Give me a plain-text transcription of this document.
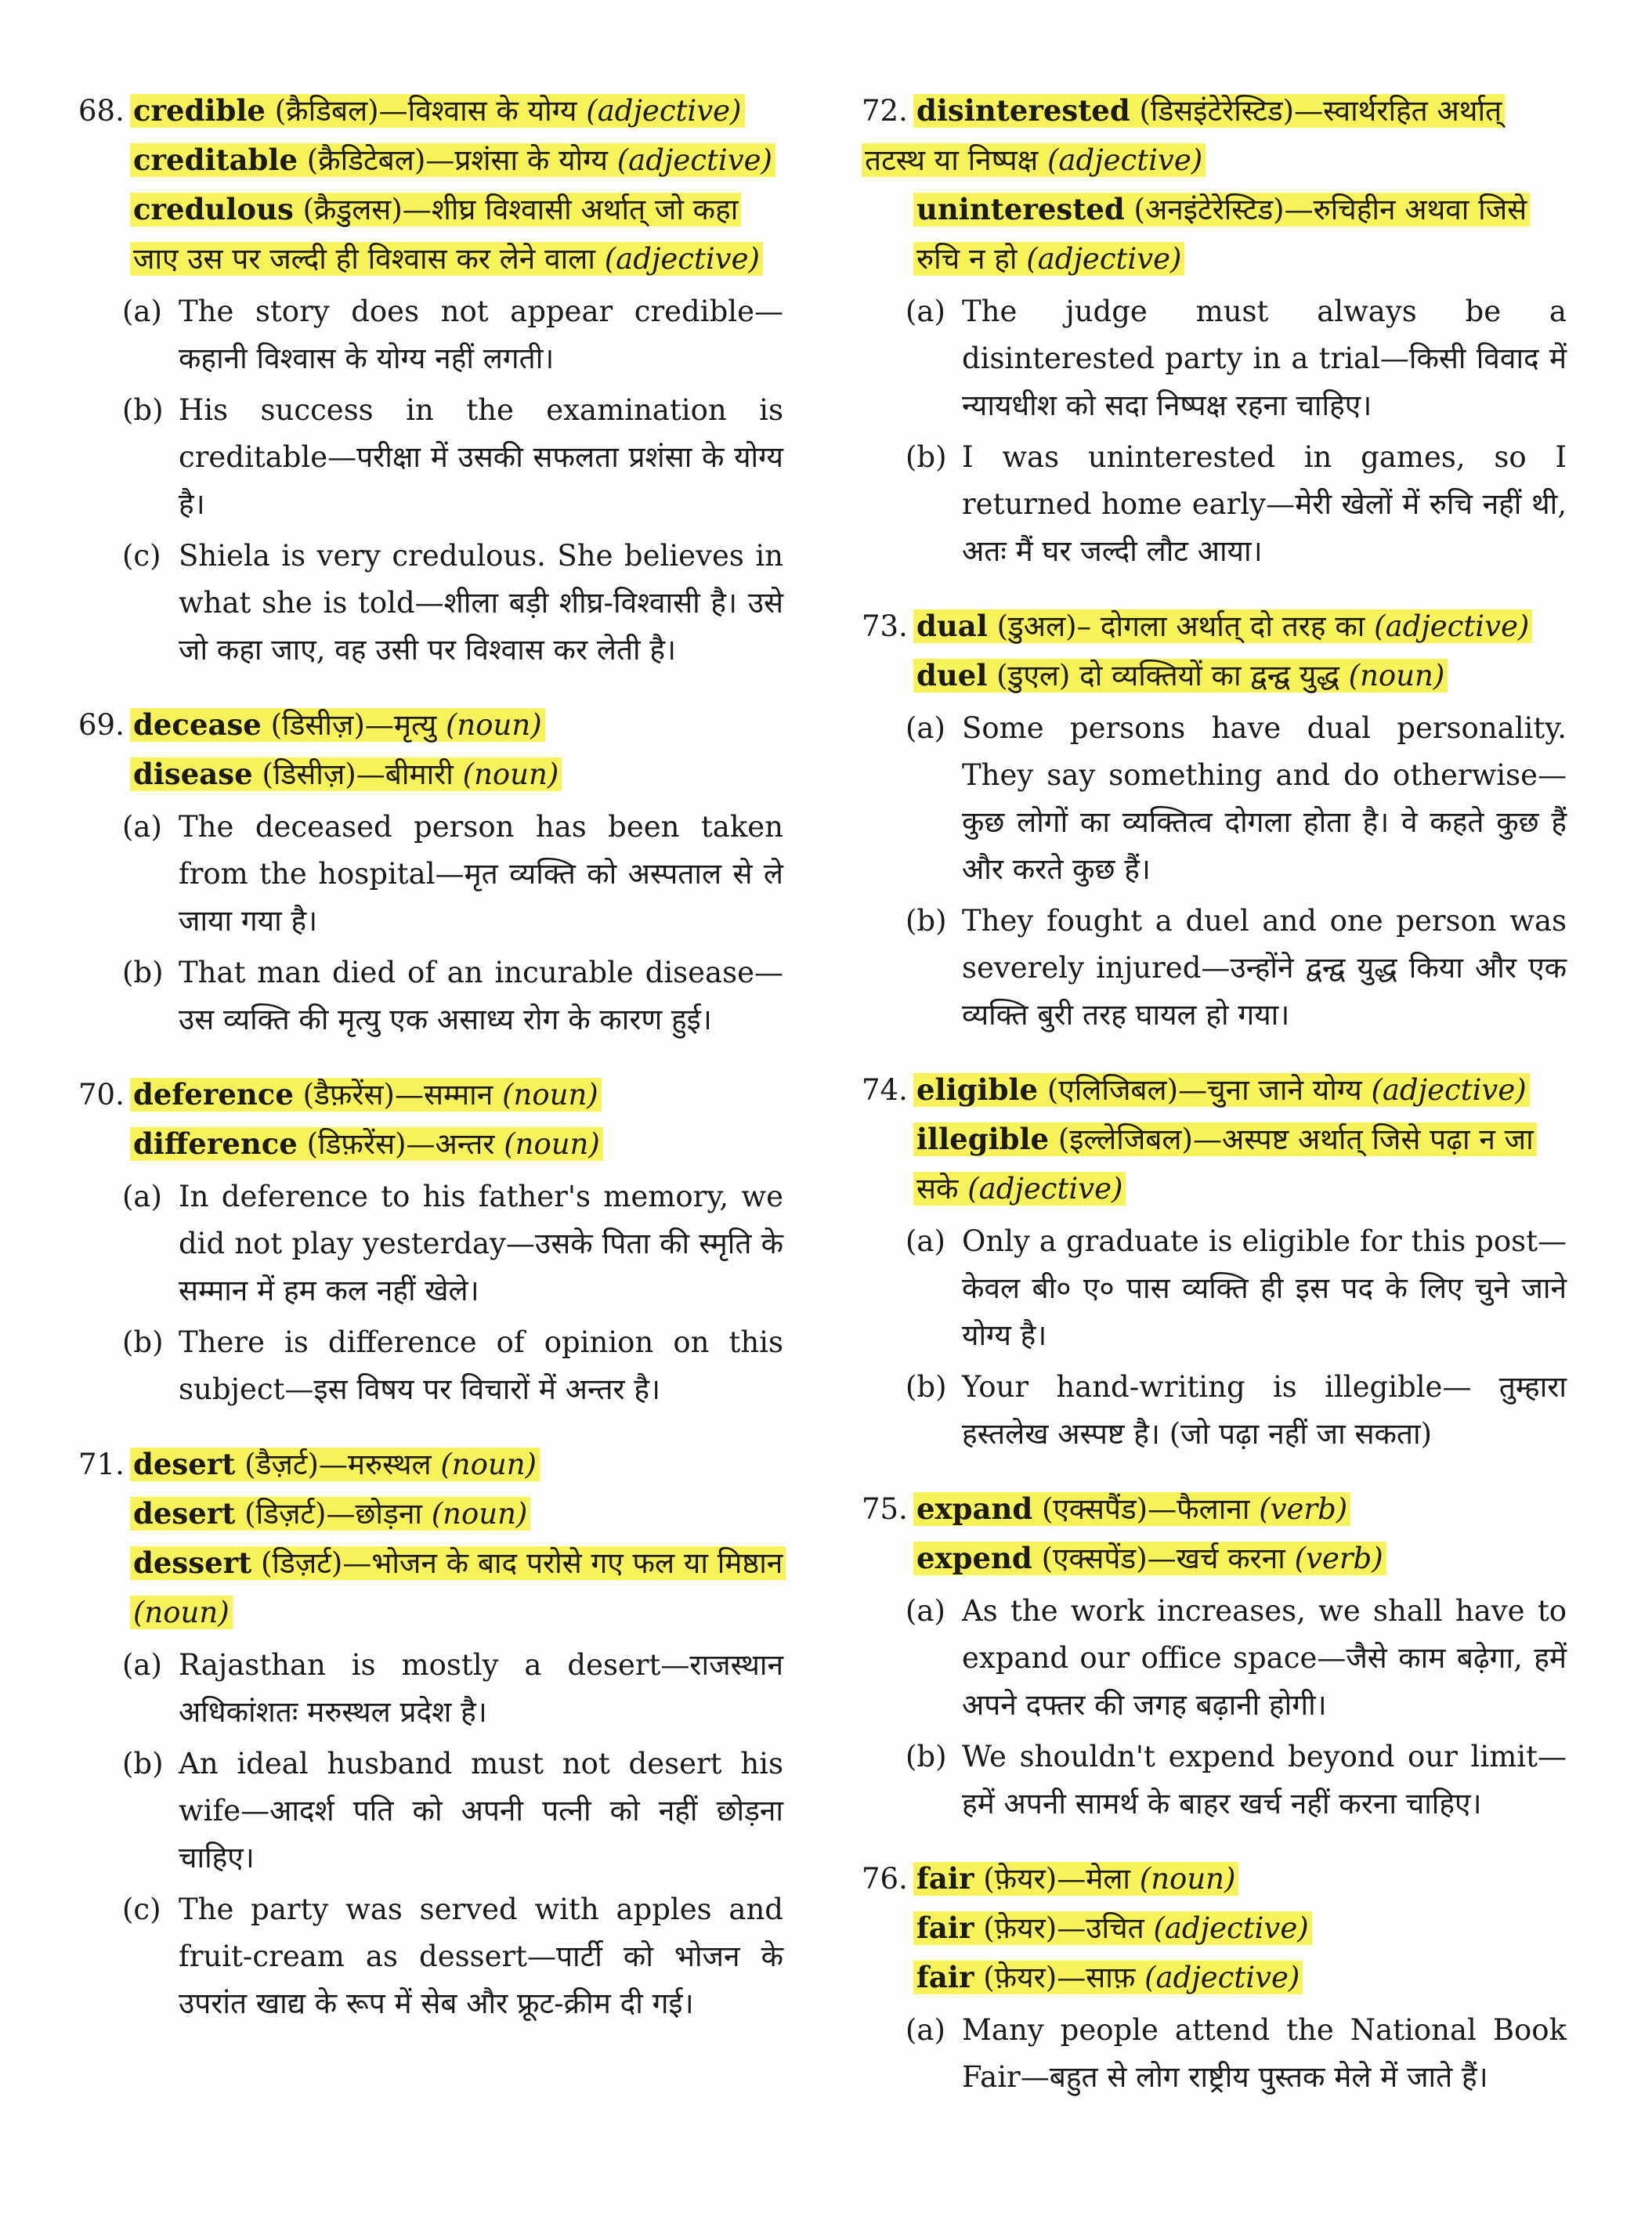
68. credible (क्रैडिबल)—विश्वास के योग्य (adjective)
creditable (क्रैडिटेबल)—प्रशंसा के योग्य (adjective)
credulous (क्रैडुलस)—शीघ्र विश्वासी अर्थात् जो कहा जाए उस पर जल्दी ही विश्वास कर लेने वाला (adjective)
(a) The story does not appear credible—कहानी विश्वास के योग्य नहीं लगती।
(b) His success in the examination is creditable—परीक्षा में उसकी सफलता प्रशंसा के योग्य है।
(c) Shiela is very credulous. She believes in what she is told—शीला बड़ी शीघ्र-विश्वासी है। उसे जो कहा जाए, वह उसी पर विश्वास कर लेती है।
69. decease (डिसीज़)—मृत्यु (noun)
disease (डिसीज़)—बीमारी (noun)
(a) The deceased person has been taken from the hospital—मृत व्यक्ति को अस्पताल से ले जाया गया है।
(b) That man died of an incurable disease—उस व्यक्ति की मृत्यु एक असाध्य रोग के कारण हुई।
70. deference (डैफ़रेंस)—सम्मान (noun)
difference (डिफ़रेंस)—अन्तर (noun)
(a) In deference to his father's memory, we did not play yesterday—उसके पिता की स्मृति के सम्मान में हम कल नहीं खेले।
(b) There is difference of opinion on this subject—इस विषय पर विचारों में अन्तर है।
71. desert (डैज़र्ट)—मरुस्थल (noun)
desert (डिज़र्ट)—छोड़ना (noun)
dessert (डिज़र्ट)—भोजन के बाद परोसे गए फल या मिष्ठान (noun)
(a) Rajasthan is mostly a desert—राजस्थान अधिकांशतः मरुस्थल प्रदेश है।
(b) An ideal husband must not desert his wife—आदर्श पति को अपनी पत्नी को नहीं छोड़ना चाहिए।
(c) The party was served with apples and fruit-cream as dessert—पार्टी को भोजन के उपरांत खाद्य के रूप में सेब और फ्रूट-क्रीम दी गई।
72. disinterested (डिसइंटेरेस्टिड)—स्वार्थरहित अर्थात् तटस्थ या निष्पक्ष (adjective)
uninterested (अनइंटेरेस्टिड)—रुचिहीन अथवा जिसे रुचि न हो (adjective)
(a) The judge must always be a disinterested party in a trial—किसी विवाद में न्यायधीश को सदा निष्पक्ष रहना चाहिए।
(b) I was uninterested in games, so I returned home early—मेरी खेलों में रुचि नहीं थी, अतः मैं घर जल्दी लौट आया।
73. dual (डुअल)– दोगला अर्थात् दो तरह का (adjective)
duel (डुएल) दो व्यक्तियों का द्वन्द्व युद्ध (noun)
(a) Some persons have dual personality. They say something and do otherwise—कुछ लोगों का व्यक्तित्व दोगला होता है। वे कहते कुछ हैं और करते कुछ हैं।
(b) They fought a duel and one person was severely injured—उन्होंने द्वन्द्व युद्ध किया और एक व्यक्ति बुरी तरह घायल हो गया।
74. eligible (एलिजिबल)—चुना जाने योग्य (adjective)
illegible (इल्लेजिबल)—अस्पष्ट अर्थात् जिसे पढ़ा न जा सके (adjective)
(a) Only a graduate is eligible for this post—केवल बी० ए० पास व्यक्ति ही इस पद के लिए चुने जाने योग्य है।
(b) Your hand-writing is illegible— तुम्हारा हस्तलेख अस्पष्ट है। (जो पढ़ा नहीं जा सकता)
75. expand (एक्सपैंड)—फैलाना (verb)
expend (एक्सपेंड)—खर्च करना (verb)
(a) As the work increases, we shall have to expand our office space—जैसे काम बढ़ेगा, हमें अपने दफ्तर की जगह बढ़ानी होगी।
(b) We shouldn't expend beyond our limit—हमें अपनी सामर्थ के बाहर खर्च नहीं करना चाहिए।
76. fair (फ़ेयर)—मेला (noun)
fair (फ़ेयर)—उचित (adjective)
fair (फ़ेयर)—साफ़ (adjective)
(a) Many people attend the National Book Fair—बहुत से लोग राष्ट्रीय पुस्तक मेले में जाते हैं।
